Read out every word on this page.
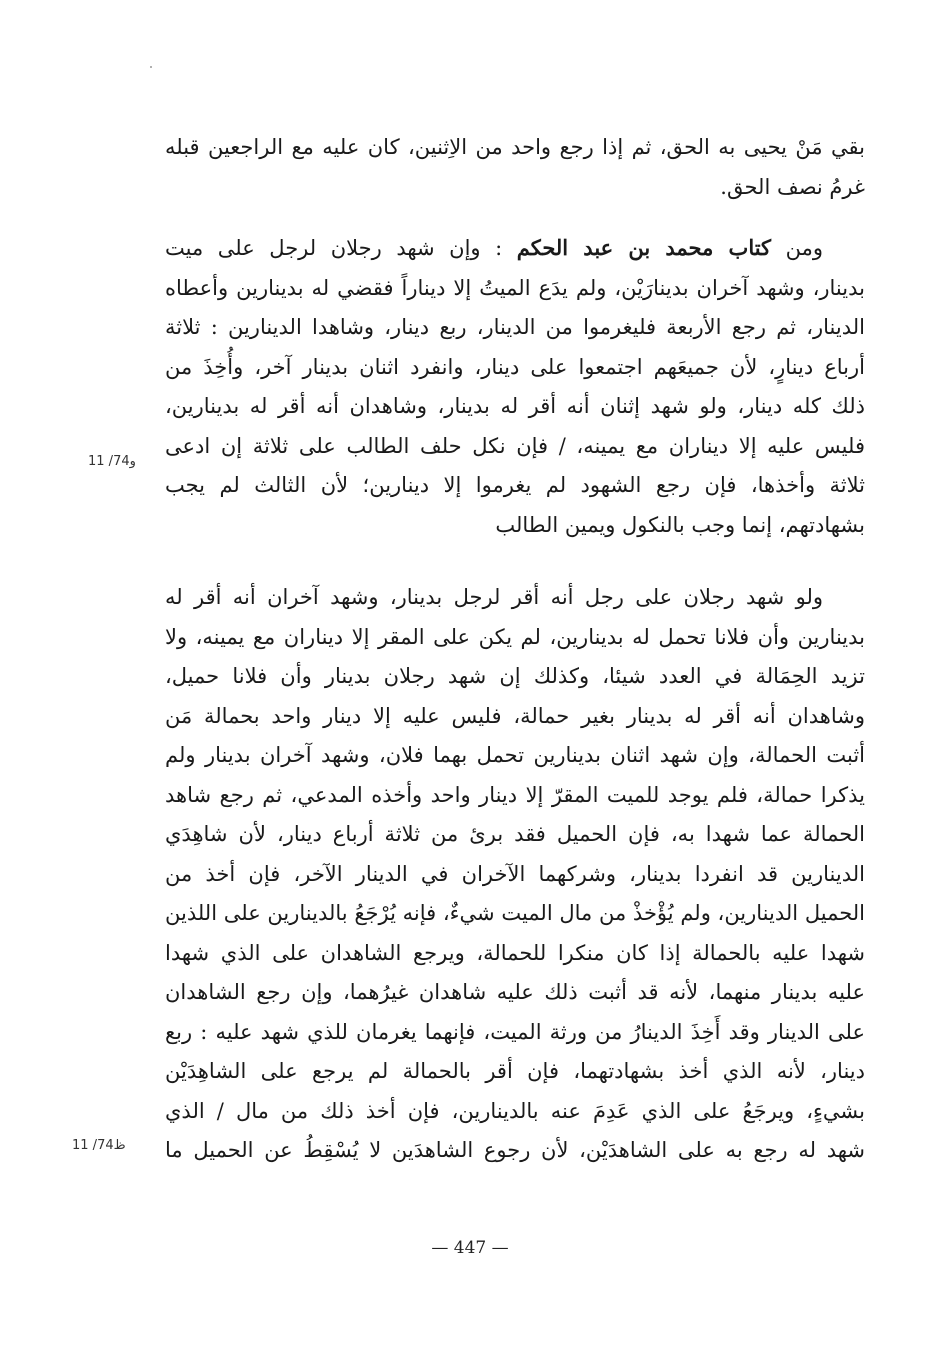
بقي مَنْ يحيى به الحق، ثم إذا رجع واحد من الاِثنين، كان عليه مع الراجعين قبله
غرمُ نصف الحق.
ومن كتاب محمد بن عبد الحكم : وإن شهد رجلان لرجل على ميت
بدينار، وشهد آخران بدينارَيْن، ولم يدَع الميتُ إلا ديناراً فقضي له بدينارين وأعطاه
الدينار، ثم رجع الأربعة فليغرموا من الدينار، ربع دينار، وشاهدا الدينارين : ثلاثة
أرباع دينارٍ، لأن جميعَهم اجتمعوا على دينار، وانفرد اثنان بدينار آخر، وأُخِذَ من
ذلك كله دينار، ولو شهد إثنان أنه أقر له بدينار، وشاهدان أنه أقر له بدينارين،
فليس عليه إلا ديناران مع يمينه، / فإن نكل حلف الطالب على ثلاثة إن ادعى
ثلاثة وأخذها، فإن رجع الشهود لم يغرموا إلا دينارين؛ لأن الثالث لم يجب
بشهادتهم، إنما وجب بالنكول ويمين الطالب
ولو شهد رجلان على رجل أنه أقر لرجل بدينار، وشهد آخران أنه أقر له
بدينارين وأن فلانا تحمل له بدينارين، لم يكن على المقر إلا ديناران مع يمينه، ولا
تزيد الحِمَالة في العدد شيئا، وكذلك إن شهد رجلان بدينار وأن فلانا حميل،
وشاهدان أنه أقر له بدينار بغير حمالة، فليس عليه إلا دينار واحد بحمالة مَن
أثبت الحمالة، وإن شهد اثنان بدينارين تحمل بهما فلان، وشهد آخران بدينار ولم
يذكرا حمالة، فلم يوجد للميت المقرّ إلا دينار واحد وأخذه المدعي، ثم رجع شاهد
الحمالة عما شهدا به، فإن الحميل فقد برئ من ثلاثة أرباع دينار، لأن شاهِدَي
الدينارين قد انفردا بدينار، وشركهما الآخران في الدينار الآخر، فإن أخذ من
الحميل الدينارين، ولم يُؤْخذْ من مال الميت شيءٌ، فإنه يُرْجَعُ بالدينارين على اللذين
شهدا عليه بالحمالة إذا كان منكرا للحمالة، ويرجع الشاهدان على الذي شهدا
عليه بدينار منهما، لأنه قد أثبت ذلك عليه شاهدان غيرُهما، وإن رجع الشاهدان
على الدينار وقد أَخِذَ الدينارُ من ورثة الميت، فإنهما يغرمان للذي شهد عليه : ربع
دينار، لأنه الذي أخذ بشهادتهما، فإن أقر بالحمالة لم يرجع على الشاهِدَيْن
بشيءٍ، ويرجَعُ على الذي عَدِمَ عنه بالدينارين، فإن أخذ ذلك من مال / الذي
شهد له رجع به على الشاهدَيْن، لأن رجوع الشاهدَين لا يُسْقِطُ عن الحميل ما
و74/ 11
ظ74/ 11
— 447 —
